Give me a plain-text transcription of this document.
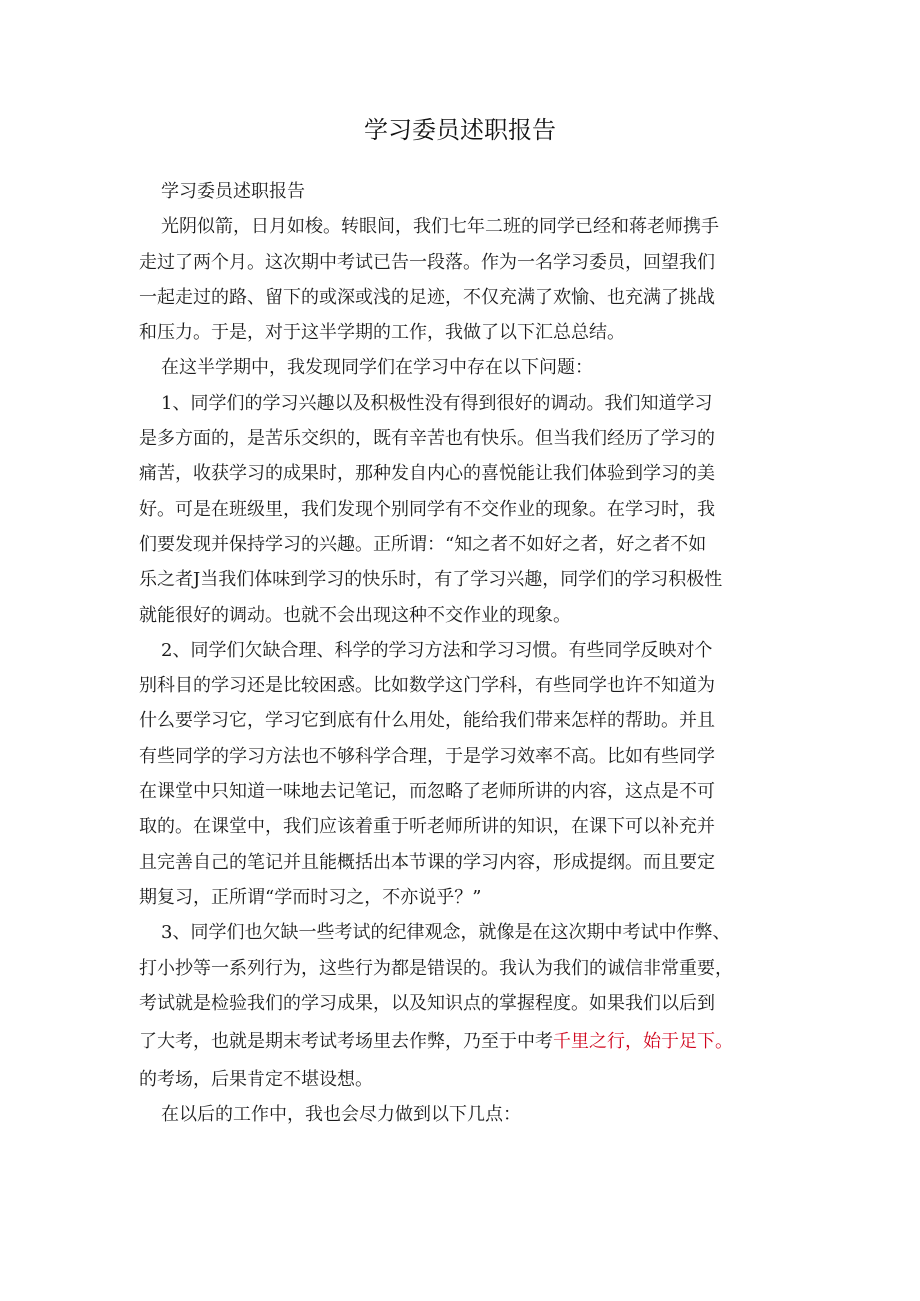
学习委员述职报告
学习委员述职报告
光阴似箭，日月如梭。转眼间，我们七年二班的同学已经和蒋老师携手
走过了两个月。这次期中考试已告一段落。作为一名学习委员，回望我们
一起走过的路、留下的或深或浅的足迹，不仅充满了欢愉、也充满了挑战
和压力。于是，对于这半学期的工作，我做了以下汇总总结。
在这半学期中，我发现同学们在学习中存在以下问题：
1、同学们的学习兴趣以及积极性没有得到很好的调动。我们知道学习
是多方面的，是苦乐交织的，既有辛苦也有快乐。但当我们经历了学习的
痛苦，收获学习的成果时，那种发自内心的喜悦能让我们体验到学习的美
好。可是在班级里，我们发现个别同学有不交作业的现象。在学习时，我
们要发现并保持学习的兴趣。正所谓：“知之者不如好之者，好之者不如
乐之者J当我们体味到学习的快乐时，有了学习兴趣，同学们的学习积极性
就能很好的调动。也就不会出现这种不交作业的现象。
2、同学们欠缺合理、科学的学习方法和学习习惯。有些同学反映对个
别科目的学习还是比较困惑。比如数学这门学科，有些同学也许不知道为
什么要学习它，学习它到底有什么用处，能给我们带来怎样的帮助。并且
有些同学的学习方法也不够科学合理，于是学习效率不高。比如有些同学
在课堂中只知道一味地去记笔记，而忽略了老师所讲的内容，这点是不可
取的。在课堂中，我们应该着重于听老师所讲的知识，在课下可以补充并
且完善自己的笔记并且能概括出本节课的学习内容，形成提纲。而且要定
期复习，正所谓“学而时习之，不亦说乎？”
3、同学们也欠缺一些考试的纪律观念，就像是在这次期中考试中作弊、
打小抄等一系列行为，这些行为都是错误的。我认为我们的诚信非常重要，
考试就是检验我们的学习成果，以及知识点的掌握程度。如果我们以后到
了大考，也就是期末考试考场里去作弊，乃至于中考千里之行，始于足下。
的考场，后果肯定不堪设想。
在以后的工作中，我也会尽力做到以下几点：
